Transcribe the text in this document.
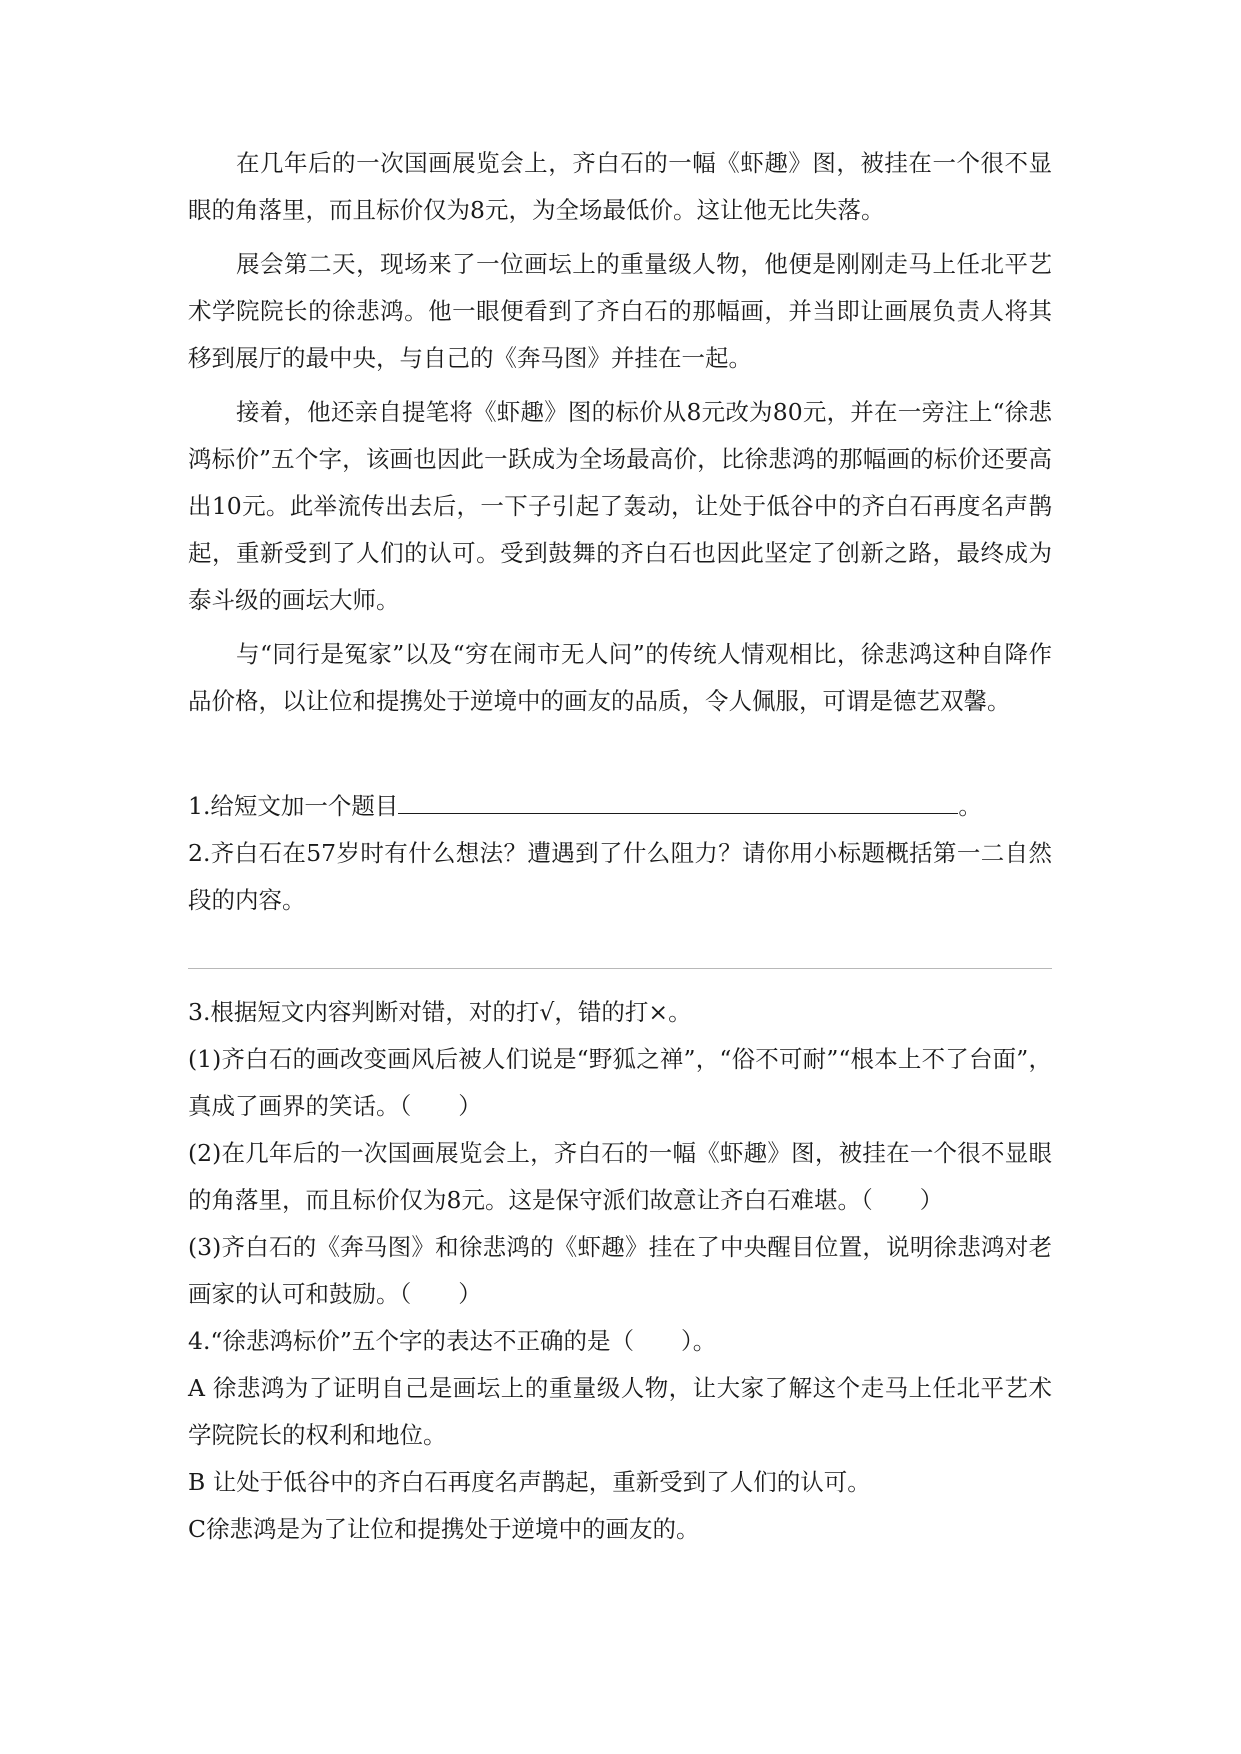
在几年后的一次国画展览会上，齐白石的一幅《虾趣》图，被挂在一个很不显眼的角落里，而且标价仅为8元，为全场最低价。这让他无比失落。

展会第二天，现场来了一位画坛上的重量级人物，他便是刚刚走马上任北平艺术学院院长的徐悲鸿。他一眼便看到了齐白石的那幅画，并当即让画展负责人将其移到展厅的最中央，与自己的《奔马图》并挂在一起。

接着，他还亲自提笔将《虾趣》图的标价从8元改为80元，并在一旁注上“徐悲鸿标价”五个字，该画也因此一跃成为全场最高价，比徐悲鸿的那幅画的标价还要高出10元。此举流传出去后，一下子引起了轰动，让处于低谷中的齐白石再度名声鹊起，重新受到了人们的认可。受到鼓舞的齐白石也因此坚定了创新之路，最终成为泰斗级的画坛大师。

与“同行是冤家”以及“穷在闹市无人问”的传统人情观相比，徐悲鸿这种自降作品价格，以让位和提携处于逆境中的画友的品质，令人佩服，可谓是德艺双馨。

1.给短文加一个题目	。

2.齐白石在57岁时有什么想法？遭遇到了什么阻力？请你用小标题概括第一二自然段的内容。

3.根据短文内容判断对错，对的打√，错的打×。

(1)齐白石的画改变画风后被人们说是“野狐之禅”，“俗不可耐”“根本上不了台面”，真成了画界的笑话。（　　）

(2)在几年后的一次国画展览会上，齐白石的一幅《虾趣》图，被挂在一个很不显眼的角落里，而且标价仅为8元。这是保守派们故意让齐白石难堪。（　　）

(3)齐白石的《奔马图》和徐悲鸿的《虾趣》挂在了中央醒目位置，说明徐悲鸿对老画家的认可和鼓励。（　　）

4.“徐悲鸿标价”五个字的表达不正确的是（　　）。

A 徐悲鸿为了证明自己是画坛上的重量级人物，让大家了解这个走马上任北平艺术学院院长的权利和地位。

B 让处于低谷中的齐白石再度名声鹊起，重新受到了人们的认可。

C徐悲鸿是为了让位和提携处于逆境中的画友的。
